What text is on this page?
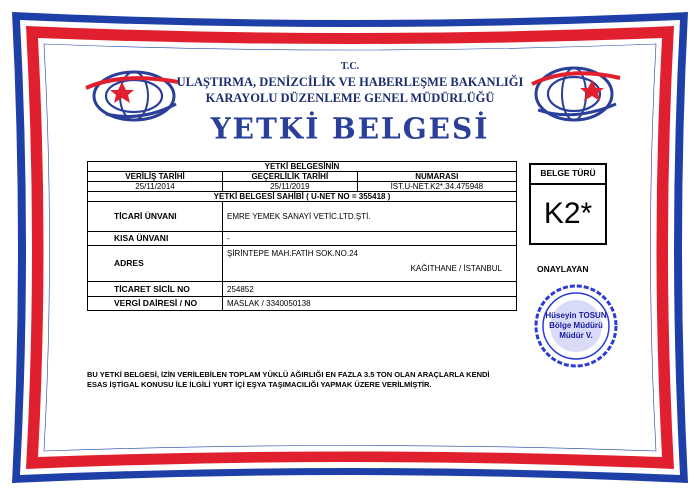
T.C.
ULAŞTIRMA, DENİZCİLİK VE HABERLEŞME BAKANLIĞI
KARAYOLU DÜZENLEME GENEL MÜDÜRLÜĞÜ
YETKİ BELGESİ
YETKİ BELGESİNİN		
VERİLİŞ TARİHİ	GEÇERLİLİK TARİHİ	NUMARASI
25/11/2014	25/11/2019	İST.U-NET.K2*.34.475948
YETKİ BELGESİ SAHİBİ ( U-NET NO = 355418 )		
TİCARİ ÜNVANI	EMRE YEMEK SANAYİ VETİC.LTD.ŞTİ.	
KISA ÜNVANI	-	
ADRES	ŞİRİNTEPE MAH.FATİH SOK.NO.24
KAĞITHANE / İSTANBUL	

TİCARET SİCİL NO	254852	
VERGİ DAİRESİ / NO	MASLAK / 3340050138	
BELGE TÜRÜ
K2*
ONAYLAYAN
Hüseyin TOSUN
Bölge Müdürü
Müdür V.
BU YETKİ BELGESİ, İZİN VERİLEBİLEN TOPLAM YÜKLÜ AĞIRLIĞI EN FAZLA 3.5 TON OLAN ARAÇLARLA KENDİ
ESAS İŞTİGAL KONUSU İLE İLGİLİ YURT İÇİ EŞYA TAŞIMACILIĞI YAPMAK ÜZERE VERİLMİŞTİR.
